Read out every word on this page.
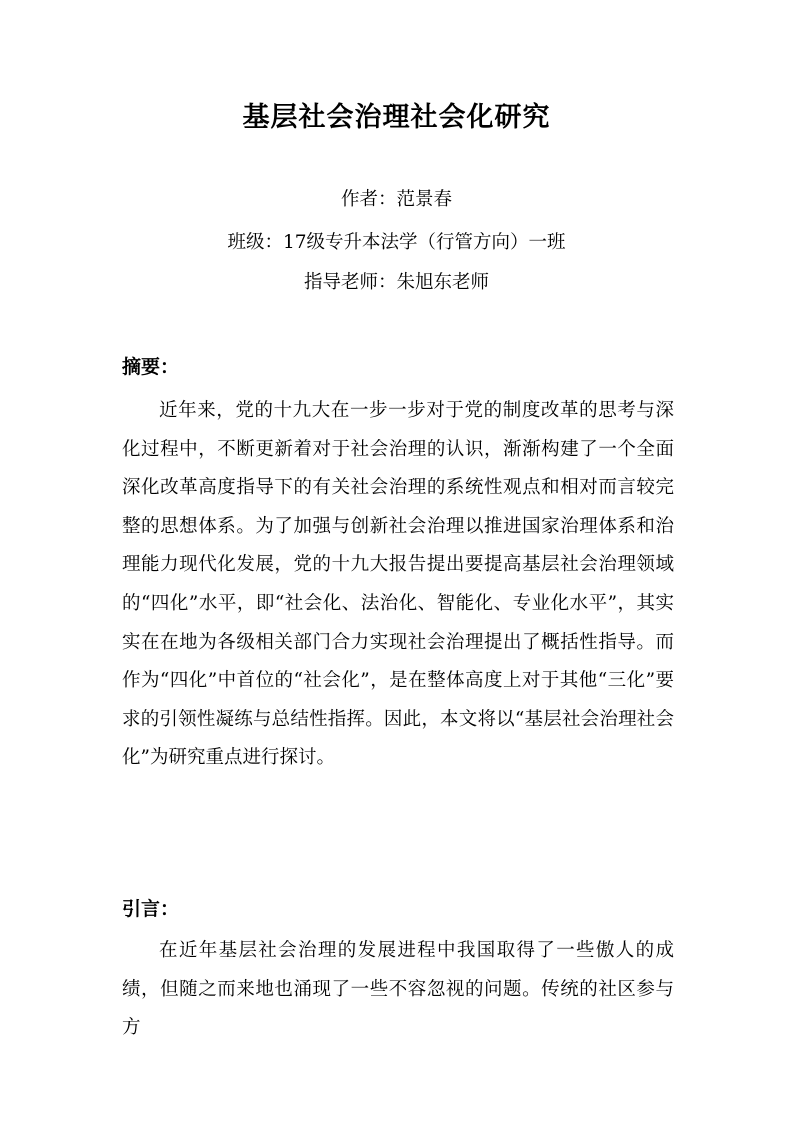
基层社会治理社会化研究

作者：范景春

班级：17级专升本法学（行管方向）一班

指导老师：朱旭东老师

摘要：

近年来，党的十九大在一步一步对于党的制度改革的思考与深化过程中，不断更新着对于社会治理的认识，渐渐构建了一个全面深化改革高度指导下的有关社会治理的系统性观点和相对而言较完整的思想体系。为了加强与创新社会治理以推进国家治理体系和治理能力现代化发展，党的十九大报告提出要提高基层社会治理领域的“四化”水平，即“社会化、法治化、智能化、专业化水平”，其实实在在地为各级相关部门合力实现社会治理提出了概括性指导。而作为“四化”中首位的“社会化”，是在整体高度上对于其他“三化”要求的引领性凝练与总结性指挥。因此，本文将以“基层社会治理社会化”为研究重点进行探讨。

引言：

在近年基层社会治理的发展进程中我国取得了一些傲人的成绩，但随之而来地也涌现了一些不容忽视的问题。传统的社区参与方
